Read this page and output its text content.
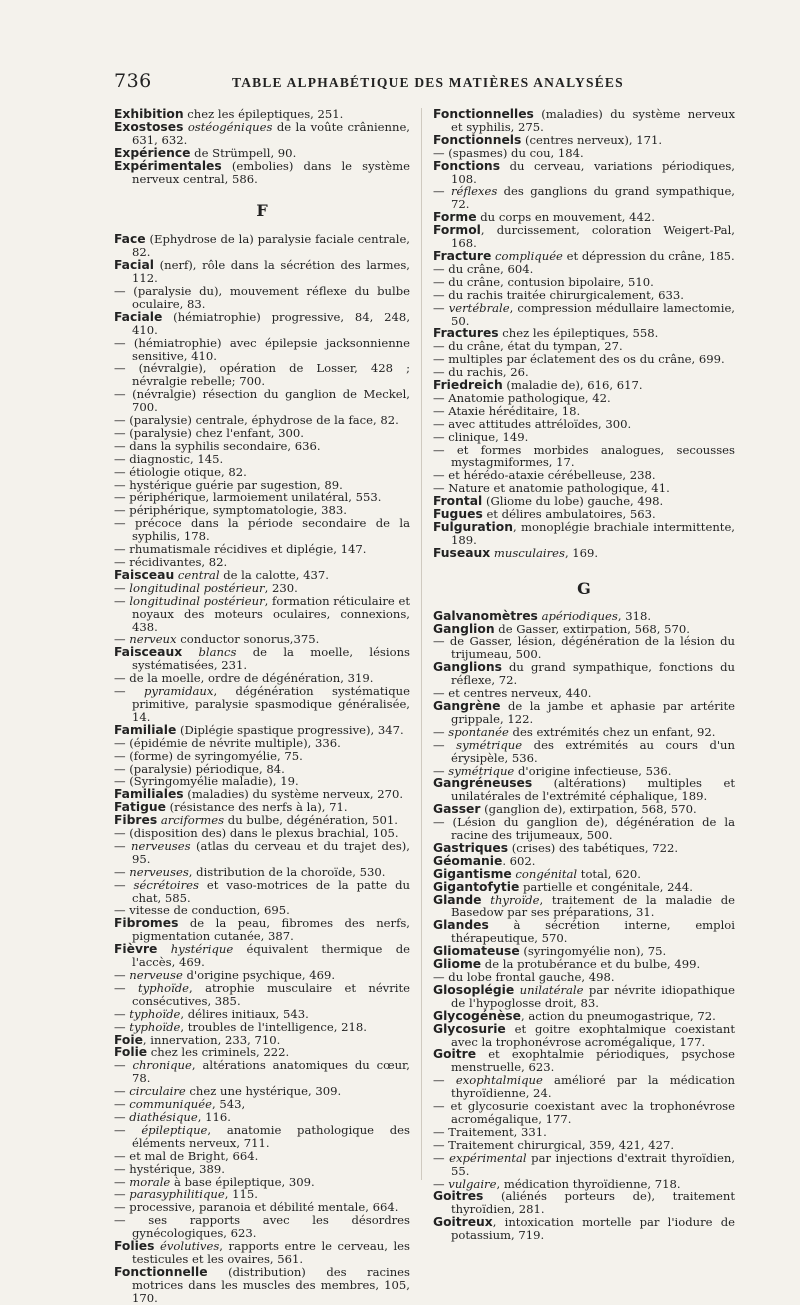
736	TABLE ALPHABÉTIQUE DES MATIÈRES ANALYSÉES

Exhibition chez les épileptiques, 251.

Exostoses ostéogéniques de la voûte crânienne, 631, 632.

Expérience de Strümpell, 90.

Expérimentales (embolies) dans le système nerveux central, 586.

F

Face (Ephydrose de la) paralysie faciale centrale, 82.

Facial (nerf), rôle dans la sécrétion des larmes, 112.

— (paralysie du), mouvement réflexe du bulbe oculaire, 83.

Faciale (hémiatrophie) progressive, 84, 248, 410.

— (hémiatrophie) avec épilepsie jacksonnienne sensitive, 410.

— (névralgie), opération de Losser, 428 ; névralgie rebelle; 700.

— (névralgie) résection du ganglion de Meckel, 700.

— (paralysie) centrale, éphydrose de la face, 82.

— (paralysie) chez l'enfant, 300.

— dans la syphilis secondaire, 636.

— diagnostic, 145.

— étiologie otique, 82.

— hystérique guérie par sugestion, 89.

— périphérique, larmoiement unilatéral, 553.

— périphérique, symptomatologie, 383.

— précoce dans la période secondaire de la syphilis, 178.

— rhumatismale récidives et diplégie, 147.

— récidivantes, 82.

Faisceau central de la calotte, 437.

— longitudinal postérieur, 230.

— longitudinal postérieur, formation réticulaire et noyaux des moteurs oculaires, connexions, 438.

— nerveux conductor sonorus,375.

Faisceaux blancs de la moelle, lésions systématisées, 231.

— de la moelle, ordre de dégénération, 319.

— pyramidaux, dégénération systématique primitive, paralysie spasmodique généralisée, 14.

Familiale (Diplégie spastique progressive), 347.

— (épidémie de névrite multiple), 336.

— (forme) de syringomyélie, 75.

— (paralysie) périodique, 84.

— (Syringomyélie maladie), 19.

Familiales (maladies) du système nerveux, 270.

Fatigue (résistance des nerfs à la), 71.

Fibres arciformes du bulbe, dégénération, 501.

— (disposition des) dans le plexus brachial, 105.

— nerveuses (atlas du cerveau et du trajet des), 95.

— nerveuses, distribution de la choroïde, 530.

— sécrétoires et vaso-motrices de la patte du chat, 585.

— vitesse de conduction, 695.

Fibromes de la peau, fibromes des nerfs, pigmentation cutanée, 387.

Fièvre hystérique équivalent thermique de l'accès, 469.

— nerveuse d'origine psychique, 469.

— typhoïde, atrophie musculaire et névrite consécutives, 385.

— typhoïde, délires initiaux, 543.

— typhoïde, troubles de l'intelligence, 218.

Foie, innervation, 233, 710.

Folie chez les criminels, 222.

— chronique, altérations anatomiques du cœur, 78.

— circulaire chez une hystérique, 309.

— communiquée, 543,

— diathésique, 116.

— épileptique, anatomie pathologique des éléments nerveux, 711.

— et mal de Bright, 664.

— hystérique, 389.

— morale à base épileptique, 309.

— parasyphilitique, 115.

— processive, paranoia et débilité mentale, 664.

— ses rapports avec les désordres gynécologiques, 623.

Folies évolutives, rapports entre le cerveau, les testicules et les ovaires, 561.

Fonctionnelle (distribution) des racines motrices dans les muscles des membres, 105, 170.

Fonctionnelles (maladies) du système nerveux et syphilis, 275.

Fonctionnels (centres nerveux), 171.

— (spasmes) du cou, 184.

Fonctions du cerveau, variations périodiques, 108.

— réflexes des ganglions du grand sympathique, 72.

Forme du corps en mouvement, 442.

Formol, durcissement, coloration Weigert-Pal, 168.

Fracture compliquée et dépression du crâne, 185.

— du crâne, 604.

— du crâne, contusion bipolaire, 510.

— du rachis traitée chirurgicalement, 633.

— vertébrale, compression médullaire lamectomie, 50.

Fractures chez les épileptiques, 558.

— du crâne, état du tympan, 27.

— multiples par éclatement des os du crâne, 699.

— du rachis, 26.

Friedreich (maladie de), 616, 617.

— Anatomie pathologique, 42.

— Ataxie héréditaire, 18.

— avec attitudes attréloïdes, 300.

— clinique, 149.

— et formes morbides analogues, secousses mystagmiformes, 17.

— et hérédo-ataxie cérébelleuse, 238.

— Nature et anatomie pathologique, 41.

Frontal (Gliome du lobe) gauche, 498.

Fugues et délires ambulatoires, 563.

Fulguration, monoplégie brachiale intermittente, 189.

Fuseaux musculaires, 169.

G

Galvanomètres apériodiques, 318.

Ganglion de Gasser, extirpation, 568, 570.

— de Gasser, lésion, dégénération de la lésion du trijumeau, 500.

Ganglions du grand sympathique, fonctions du réflexe, 72.

— et centres nerveux, 440.

Gangrène de la jambe et aphasie par artérite grippale, 122.

— spontanée des extrémités chez un enfant, 92.

— symétrique des extrémités au cours d'un érysipèle, 536.

— symétrique d'origine infectieuse, 536.

Gangréneuses (altérations) multiples et unilatérales de l'extrémité céphalique, 189.

Gasser (ganglion de), extirpation, 568, 570.

— (Lésion du ganglion de), dégénération de la racine des trijumeaux, 500.

Gastriques (crises) des tabétiques, 722.

Géomanie. 602.

Gigantisme congénital total, 620.

Gigantofytie partielle et congénitale, 244.

Glande thyroïde, traitement de la maladie de Basedow par ses préparations, 31.

Glandes à sécrétion interne, emploi thérapeutique, 570.

Gliomateuse (syringomyélie non), 75.

Gliome de la protubérance et du bulbe, 499.

— du lobe frontal gauche, 498.

Glosoplégie unilatérale par névrite idiopathique de l'hypoglosse droit, 83.

Glycogénèse, action du pneumogastrique, 72.

Glycosurie et goitre exophtalmique coexistant avec la trophonévrose acromégalique, 177.

Goitre et exophtalmie périodiques, psychose menstruelle, 623.

— exophtalmique amélioré par la médication thyroïdienne, 24.

— et glycosurie coexistant avec la trophonévrose acromégalique, 177.

— Traitement, 331.

— Traitement chirurgical, 359, 421, 427.

— expérimental par injections d'extrait thyroïdien, 55.

— vulgaire, médication thyroïdienne, 718.

Goitres (aliénés porteurs de), traitement thyroïdien, 281.

Goitreux, intoxication mortelle par l'iodure de potassium, 719.
